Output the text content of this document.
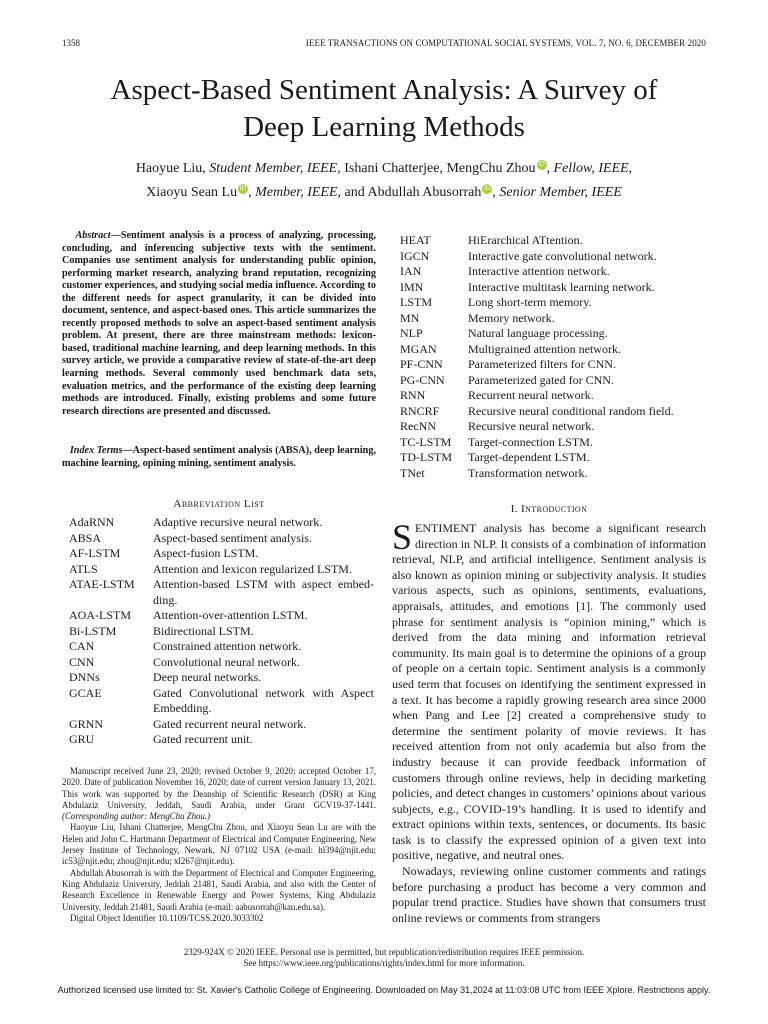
1358	IEEE TRANSACTIONS ON COMPUTATIONAL SOCIAL SYSTEMS, VOL. 7, NO. 6, DECEMBER 2020
Aspect-Based Sentiment Analysis: A Survey of
Deep Learning Methods
Haoyue Liu, Student Member, IEEE, Ishani Chatterjee, MengChu Zhou iD , Fellow, IEEE,
Xiaoyu Sean Lu iD , Member, IEEE, and Abdullah Abusorrah iD , Senior Member, IEEE
Abstract—Sentiment analysis is a process of analyzing, processing, concluding, and inferencing subjective texts with the sentiment. Companies use sentiment analysis for understanding public opinion, performing market research, analyzing brand reputation, recognizing customer experiences, and studying social media influence. According to the different needs for aspect granularity, it can be divided into document, sentence, and aspect-based ones. This article summarizes the recently proposed methods to solve an aspect-based sentiment analysis problem. At present, there are three mainstream methods: lexicon-based, traditional machine learning, and deep learning methods. In this survey article, we provide a comparative review of state-of-the-art deep learning methods. Several commonly used benchmark data sets, evaluation metrics, and the performance of the existing deep learning methods are introduced. Finally, existing problems and some future research directions are presented and discussed.
Index Terms—Aspect-based sentiment analysis (ABSA), deep learning, machine learning, opining mining, sentiment analysis.
Abbreviation List
AdaRNN	Adaptive recursive neural network.
ABSA	Aspect-based sentiment analysis.
AF-LSTM	Aspect-fusion LSTM.
ATLS	Attention and lexicon regularized LSTM.
ATAE-LSTM	Attention-based LSTM with aspect embed-ding.
AOA-LSTM	Attention-over-attention LSTM.
Bi-LSTM	Bidirectional LSTM.
CAN	Constrained attention network.
CNN	Convolutional neural network.
DNNs	Deep neural networks.
GCAE	Gated Convolutional network with Aspect Embedding.
GRNN	Gated recurrent neural network.
GRU	Gated recurrent unit.
HEAT	HiErarchical ATtention.
IGCN	Interactive gate convolutional network.
IAN	Interactive attention network.
IMN	Interactive multitask learning network.
LSTM	Long short-term memory.
MN	Memory network.
NLP	Natural language processing.
MGAN	Multigrained attention network.
PF-CNN	Parameterized filters for CNN.
PG-CNN	Parameterized gated for CNN.
RNN	Recurrent neural network.
RNCRF	Recursive neural conditional random field.
RecNN	Recursive neural network.
TC-LSTM	Target-connection LSTM.
TD-LSTM	Target-dependent LSTM.
TNet	Transformation network.

Manuscript received June 23, 2020; revised October 9, 2020; accepted October 17, 2020. Date of publication November 16, 2020; date of current version January 13, 2021. This work was supported by the Deanship of Scientific Research (DSR) at King Abdulaziz University, Jeddah, Saudi Arabia, under Grant GCV19-37-1441. (Corresponding author: MengChu Zhou.)

Haoyue Liu, Ishani Chatterjee, MengChu Zhou, and Xiaoyu Sean Lu are with the Helen and John C. Hartmann Department of Electrical and Computer Engineering, New Jersey Institute of Technology, Newark, NJ 07102 USA (e-mail: hl394@njit.edu; ic53@njit.edu; zhou@njit.edu; xl267@njit.edu).

Abdullah Abusorrah is with the Department of Electrical and Computer Engineering, King Abdulaziz University, Jeddah 21481, Saudi Arabia, and also with the Center of Research Excellence in Renewable Energy and Power Systems, King Abdulaziz University, Jeddah 21481, Saudi Arabia (e-mail: aabusorrah@kau.edu.sa).

Digital Object Identifier 10.1109/TCSS.2020.3033302

I. Introduction

SENTIMENT analysis has become a significant research direction in NLP. It consists of a combination of information retrieval, NLP, and artificial intelligence. Sentiment analysis is also known as opinion mining or subjectivity analysis. It studies various aspects, such as opinions, sentiments, evaluations, appraisals, attitudes, and emotions [1]. The commonly used phrase for sentiment analysis is “opinion mining,” which is derived from the data mining and information retrieval community. Its main goal is to determine the opinions of a group of people on a certain topic. Sentiment analysis is a commonly used term that focuses on identifying the sentiment expressed in a text. It has become a rapidly growing research area since 2000 when Pang and Lee [2] created a comprehensive study to determine the sentiment polarity of movie reviews. It has received attention from not only academia but also from the industry because it can provide feedback information of customers through online reviews, help in deciding marketing policies, and detect changes in customers’ opinions about various subjects, e.g., COVID-19’s handling. It is used to identify and extract opinions within texts, sentences, or documents. Its basic task is to classify the expressed opinion of a given text into positive, negative, and neutral ones.

Nowadays, reviewing online customer comments and ratings before purchasing a product has become a very common and popular trend practice. Studies have shown that consumers trust online reviews or comments from strangers

2329-924X © 2020 IEEE. Personal use is permitted, but republication/redistribution requires IEEE permission.
See https://www.ieee.org/publications/rights/index.html for more information.
Authorized licensed use limited to: St. Xavier's Catholic College of Engineering. Downloaded on May 31,2024 at 11:03:08 UTC from IEEE Xplore. Restrictions apply.
